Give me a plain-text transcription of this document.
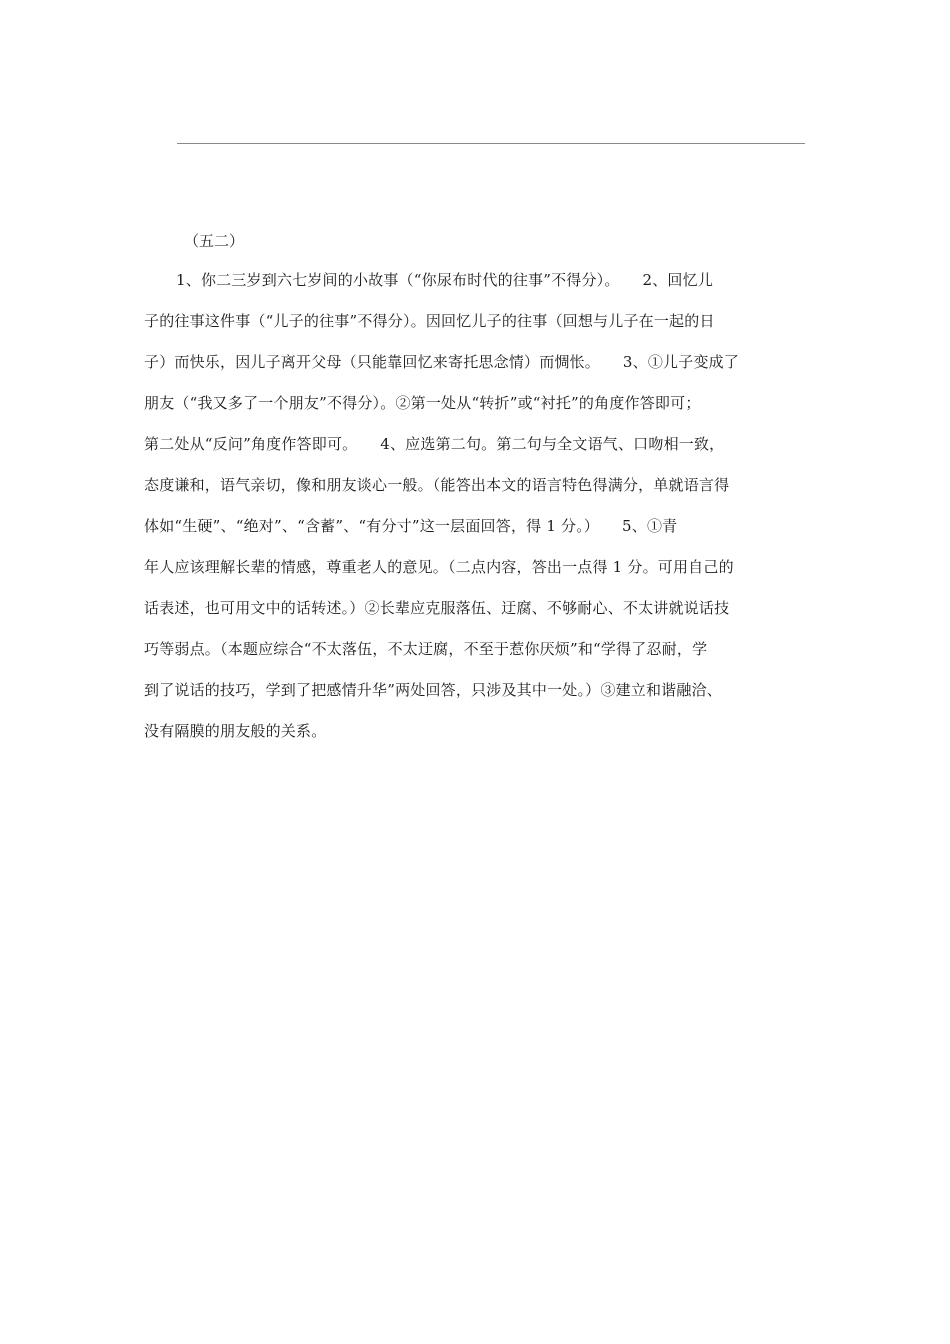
（五二）
1、你二三岁到六七岁间的小故事（“你尿布时代的往事”不得分）。　　2、回忆儿
子的往事这件事（“儿子的往事”不得分）。因回忆儿子的往事（回想与儿子在一起的日
子）而快乐，因儿子离开父母（只能靠回忆来寄托思念情）而惆怅。　　3、①儿子变成了
朋友（“我又多了一个朋友”不得分）。②第一处从“转折”或“衬托”的角度作答即可；
第二处从“反问”角度作答即可。　　4、应选第二句。第二句与全文语气、口吻相一致，
态度谦和，语气亲切，像和朋友谈心一般。（能答出本文的语言特色得满分，单就语言得
体如“生硬”、“绝对”、“含蓄”、“有分寸”这一层面回答，得 1 分。）　　5、①青
年人应该理解长辈的情感，尊重老人的意见。（二点内容，答出一点得 1 分。可用自己的
话表述，也可用文中的话转述。）②长辈应克服落伍、迂腐、不够耐心、不太讲就说话技
巧等弱点。（本题应综合“不太落伍，不太迂腐，不至于惹你厌烦”和“学得了忍耐，学
到了说话的技巧，学到了把感情升华”两处回答，只涉及其中一处。）③建立和谐融洽、
没有隔膜的朋友般的关系。
